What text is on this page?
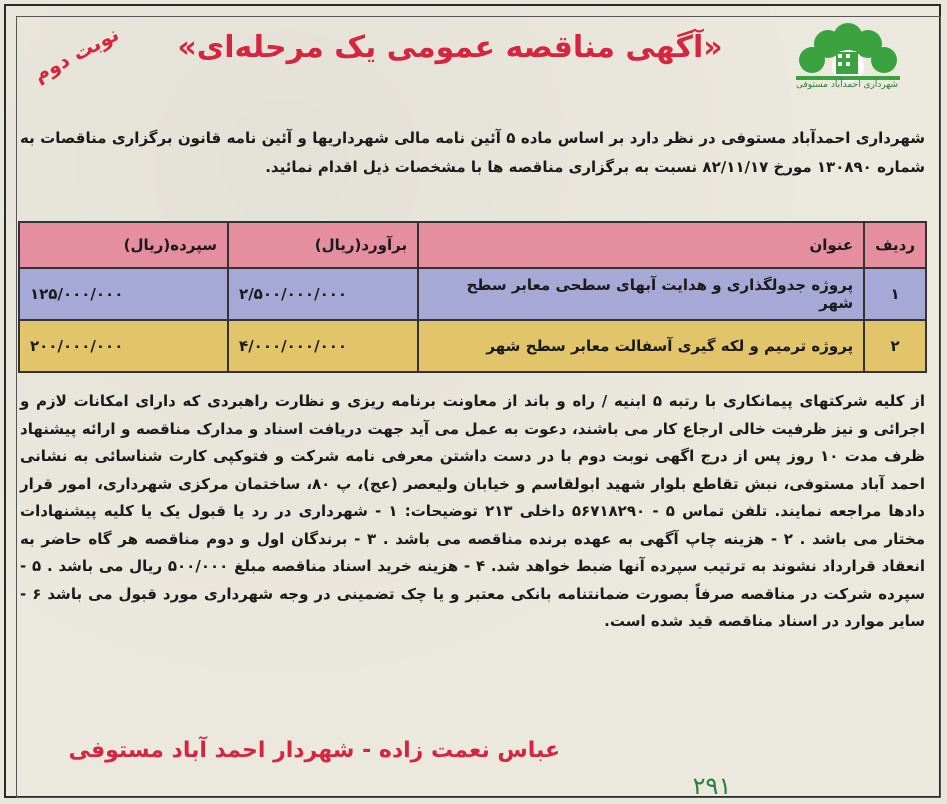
شهرداری احمدآباد مستوفی
«آگهی مناقصه عمومی یک مرحله‌ای»
نوبت دوم
شهرداری احمدآباد مستوفی در نظر دارد بر اساس ماده ۵ آئین نامه مالی شهرداریها و آئین نامه قانون برگزاری مناقصات به شماره ۱۳۰۸۹۰ مورخ ۸۲/۱۱/۱۷ نسبت به برگزاری مناقصه ها با مشخصات ذیل اقدام نمائید.
ردیف	عنوان	برآورد(ریال)	سپرده(ریال)
۱	پروژه جدولگذاری و هدایت آبهای سطحی معابر سطح شهر	۲/۵۰۰/۰۰۰/۰۰۰	۱۲۵/۰۰۰/۰۰۰
۲	پروژه ترمیم و لکه گیری آسفالت معابر سطح شهر	۴/۰۰۰/۰۰۰/۰۰۰	۲۰۰/۰۰۰/۰۰۰
از کلیه شرکتهای پیمانکاری با رتبه ۵ ابنیه / راه و باند از معاونت برنامه ریزی و نظارت راهبردی که دارای امکانات لازم و اجرائی و نیز ظرفیت خالی ارجاع کار می باشند، دعوت به عمل می آید جهت دریافت اسناد و مدارک مناقصه و ارائه پیشنهاد ظرف مدت ۱۰ روز پس از درج اگهی نوبت دوم با در دست داشتن معرفی نامه شرکت و فتوکپی کارت شناسائی به نشانی احمد آباد مستوفی، نبش تقاطع بلوار شهید ابولقاسم و خیابان ولیعصر (عج)، پ ۸۰، ساختمان مرکزی شهرداری، امور قرار دادها مراجعه نمایند. تلفن تماس ۵ - ۵۶۷۱۸۲۹۰ داخلی ۲۱۳ توضیحات: ۱ - شهرداری در رد یا قبول یک یا کلیه پیشنهادات مختار می باشد . ۲ - هزینه چاپ آگهی به عهده برنده مناقصه می باشد . ۳ - برندگان اول و دوم مناقصه هر گاه حاضر به انعقاد قرارداد نشوند به ترتیب سپرده آنها ضبط خواهد شد. ۴ - هزینه خرید اسناد مناقصه مبلغ ۵۰۰/۰۰۰ ریال می باشد . ۵ - سپرده شرکت در مناقصه صرفاً بصورت ضمانتنامه بانکی معتبر و یا چک تضمینی در وجه شهرداری مورد قبول می باشد ۶ - سایر موارد در اسناد مناقصه قید شده است.
عباس نعمت زاده - شهردار احمد آباد مستوفی
۲۹۱
